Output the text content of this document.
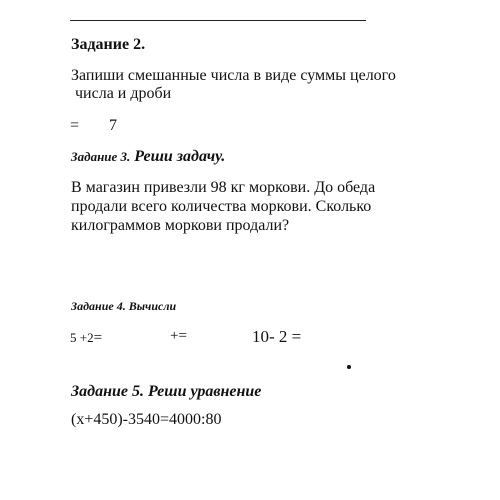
Задание 2.
Запиши смешанные числа в виде суммы целого
числа и дроби
= 7
Задание 3. Реши задачу.
В магазин привезли 98 кг моркови. До обеда
продали всего количества моркови. Сколько
килограммов моркови продали?
Задание 4. Вычисли
5 +2=	+=	10- 2 =
Задание 5. Реши уравнение
(x+450)-3540=4000:80
